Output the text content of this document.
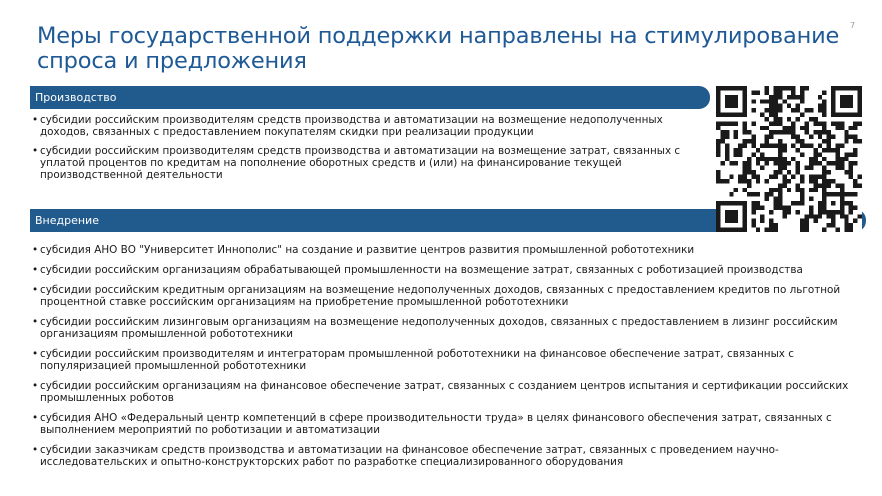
Меры государственной поддержки направлены на стимулирование спроса и предложения
7
Производство
• субсидии российским производителям средств производства и автоматизации на возмещение недополученных доходов, связанных с предоставлением покупателям скидки при реализации продукции
• субсидии российским производителям средств производства и автоматизации на возмещение затрат, связанных с уплатой процентов по кредитам на пополнение оборотных средств и (или) на финансирование текущей производственной деятельности
Внедрение
• субсидия АНО ВО "Университет Иннополис" на создание и развитие центров развития промышленной робототехники
• субсидии российским организациям обрабатывающей промышленности на возмещение затрат, связанных с роботизацией производства
• субсидии российским кредитным организациям на возмещение недополученных доходов, связанных с предоставлением кредитов по льготной процентной ставке российским организациям на приобретение промышленной робототехники
• субсидии российским лизинговым организациям на возмещение недополученных доходов, связанных с предоставлением в лизинг российским организациям промышленной робототехники
• субсидии российским производителям и интеграторам промышленной робототехники на финансовое обеспечение затрат, связанных с популяризацией промышленной робототехники
• субсидии российским организациям на финансовое обеспечение затрат, связанных с созданием центров испытания и сертификации российских промышленных роботов
• субсидия АНО «Федеральный центр компетенций в сфере производительности труда» в целях финансового обеспечения затрат, связанных с выполнением мероприятий по роботизации и автоматизации
• субсидии заказчикам средств производства и автоматизации на финансовое обеспечение затрат, связанных с проведением научно-исследовательских и опытно-конструкторских работ по разработке специализированного оборудования
